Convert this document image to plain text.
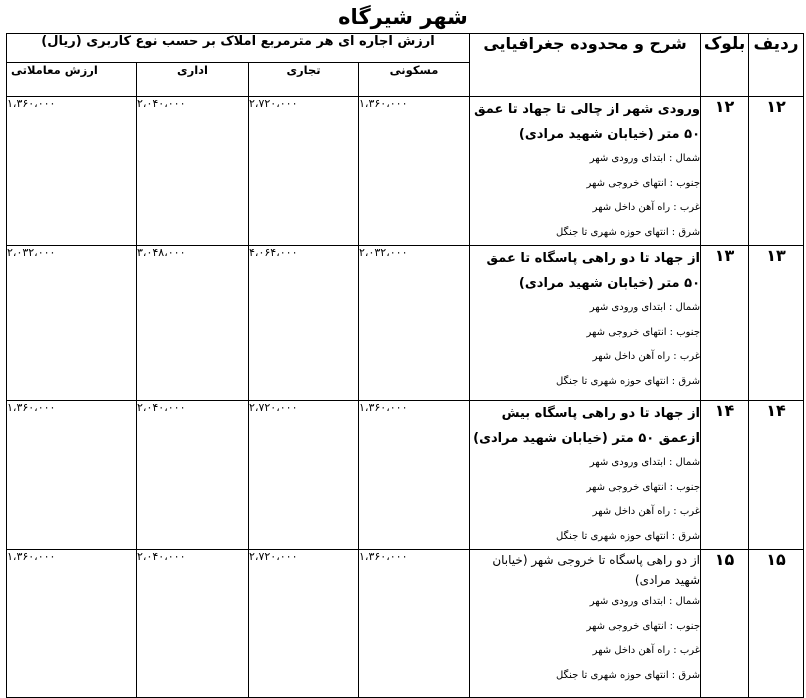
شهر شیرگاه
ردیف	بلوک	شرح و محدوده جغرافیایی	ارزش اجاره ای هر مترمربع املاک بر حسب نوع کاربری (ریال)			
			مسکونی	تجاری	اداری	ارزش معاملاتی
۱۲	۱۲	ورودی شهر از چالی تا جهاد تا عمق ۵۰ متر (خیابان شهید مرادی)
شمال : ابتدای ورودی شهر
جنوب : انتهای خروجی شهر
غرب : راه آهن داخل شهر
شرق : انتهای حوزه شهری تا جنگل	۱،۳۶۰،۰۰۰	۲،۷۲۰،۰۰۰	۲،۰۴۰،۰۰۰	۱،۳۶۰،۰۰۰
۱۳	۱۳	از جهاد تا دو راهی پاسگاه تا عمق ۵۰ متر (خیابان شهید مرادی)
شمال : ابتدای ورودی شهر
جنوب : انتهای خروجی شهر
غرب : راه آهن داخل شهر
شرق : انتهای حوزه شهری تا جنگل	۲،۰۳۲،۰۰۰	۴،۰۶۴،۰۰۰	۳،۰۴۸،۰۰۰	۲،۰۳۲،۰۰۰
۱۴	۱۴	از جهاد تا دو راهی پاسگاه بیش ازعمق ۵۰ متر (خیابان شهید مرادی)
شمال : ابتدای ورودی شهر
جنوب : انتهای خروجی شهر
غرب : راه آهن داخل شهر
شرق : انتهای حوزه شهری تا جنگل	۱،۳۶۰،۰۰۰	۲،۷۲۰،۰۰۰	۲،۰۴۰،۰۰۰	۱،۳۶۰،۰۰۰
۱۵	۱۵	از دو راهی پاسگاه تا خروجی شهر (خیابان شهید مرادی)
شمال : ابتدای ورودی شهر
جنوب : انتهای خروجی شهر
غرب : راه آهن داخل شهر
شرق : انتهای حوزه شهری تا جنگل	۱،۳۶۰،۰۰۰	۲،۷۲۰،۰۰۰	۲،۰۴۰،۰۰۰	۱،۳۶۰،۰۰۰
